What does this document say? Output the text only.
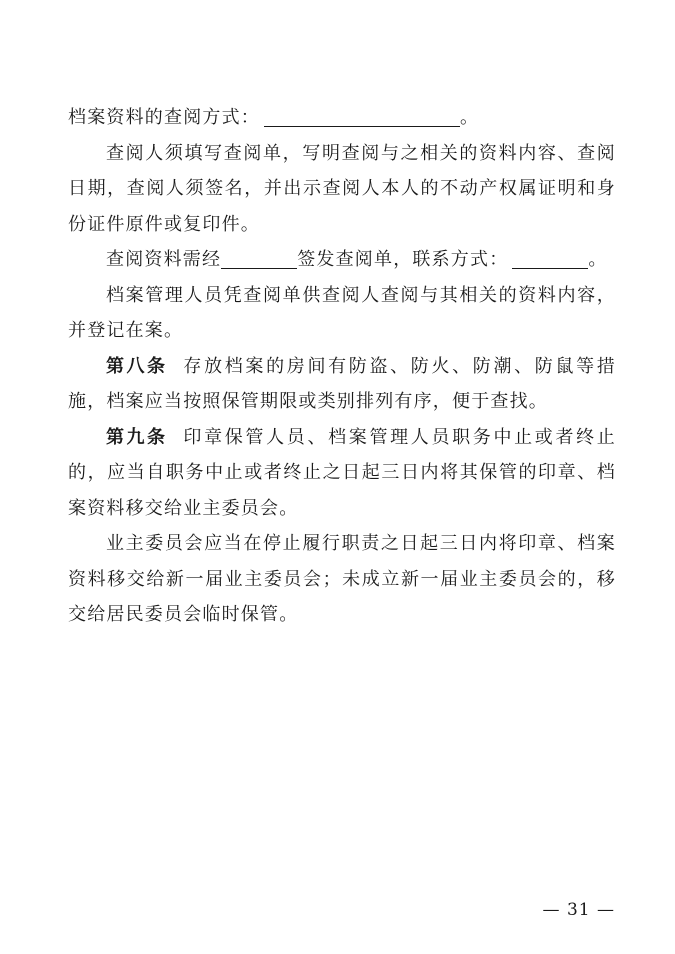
档案资料的查阅方式：	。

查阅人须填写查阅单，写明查阅与之相关的资料内容、查阅日期，查阅人须签名，并出示查阅人本人的不动产权属证明和身份证件原件或复印件。

查阅资料需经	签发查阅单，联系方式：	。

档案管理人员凭查阅单供查阅人查阅与其相关的资料内容，并登记在案。

第八条 存放档案的房间有防盗、防火、防潮、防鼠等措施，档案应当按照保管期限或类别排列有序，便于查找。

第九条 印章保管人员、档案管理人员职务中止或者终止的，应当自职务中止或者终止之日起三日内将其保管的印章、档案资料移交给业主委员会。

业主委员会应当在停止履行职责之日起三日内将印章、档案资料移交给新一届业主委员会；未成立新一届业主委员会的，移交给居民委员会临时保管。

— 31 —
